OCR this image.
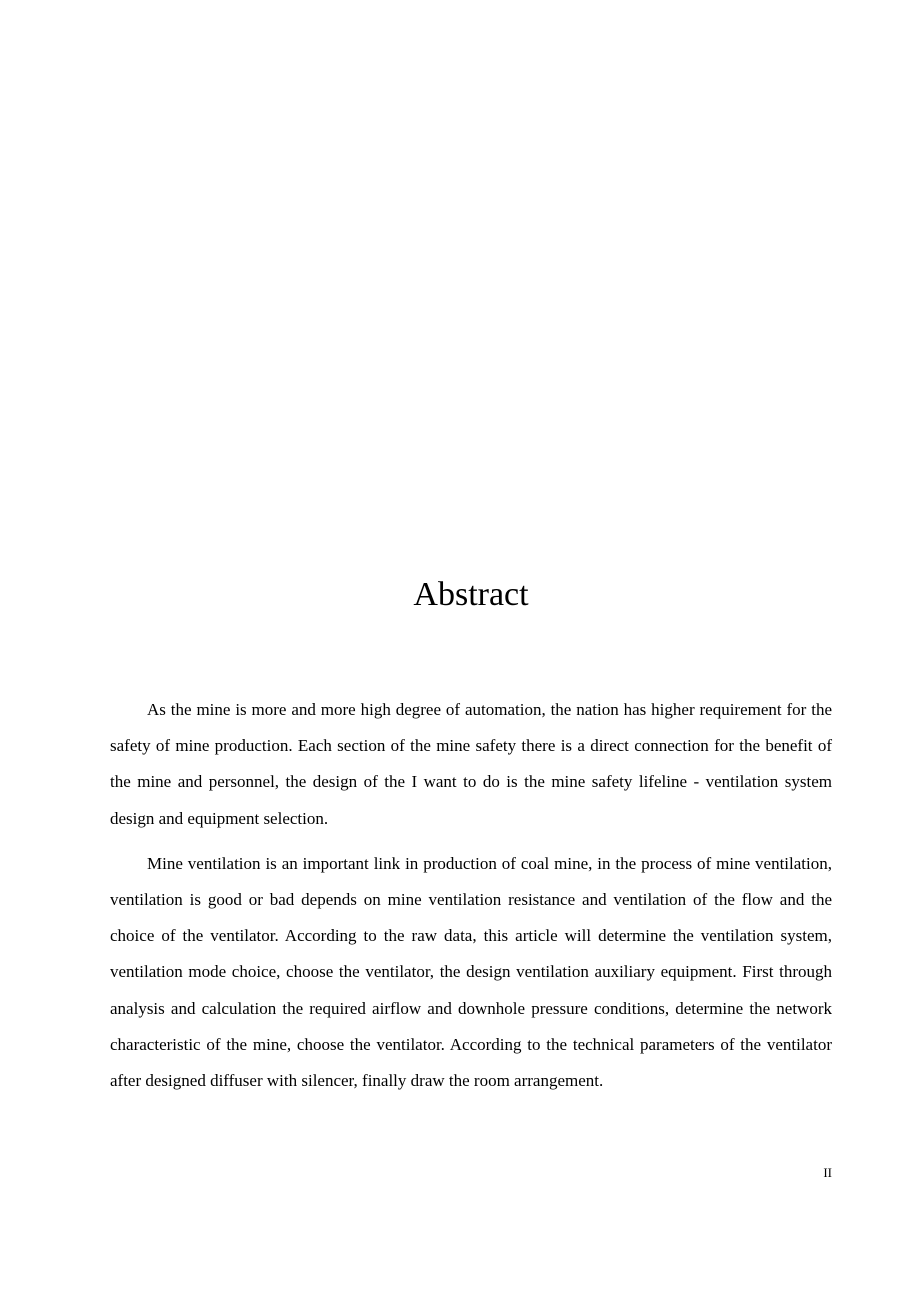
Abstract

As the mine is more and more high degree of automation, the nation has higher requirement for the safety of mine production. Each section of the mine safety there is a direct connection for the benefit of the mine and personnel, the design of the I want to do is the mine safety lifeline - ventilation system design and equipment selection.

Mine ventilation is an important link in production of coal mine, in the process of mine ventilation, ventilation is good or bad depends on mine ventilation resistance and ventilation of the flow and the choice of the ventilator. According to the raw data, this article will determine the ventilation system, ventilation mode choice, choose the ventilator, the design ventilation auxiliary equipment. First through analysis and calculation the required airflow and downhole pressure conditions, determine the network characteristic of the mine, choose the ventilator. According to the technical parameters of the ventilator after designed diffuser with silencer, finally draw the room arrangement.

II
